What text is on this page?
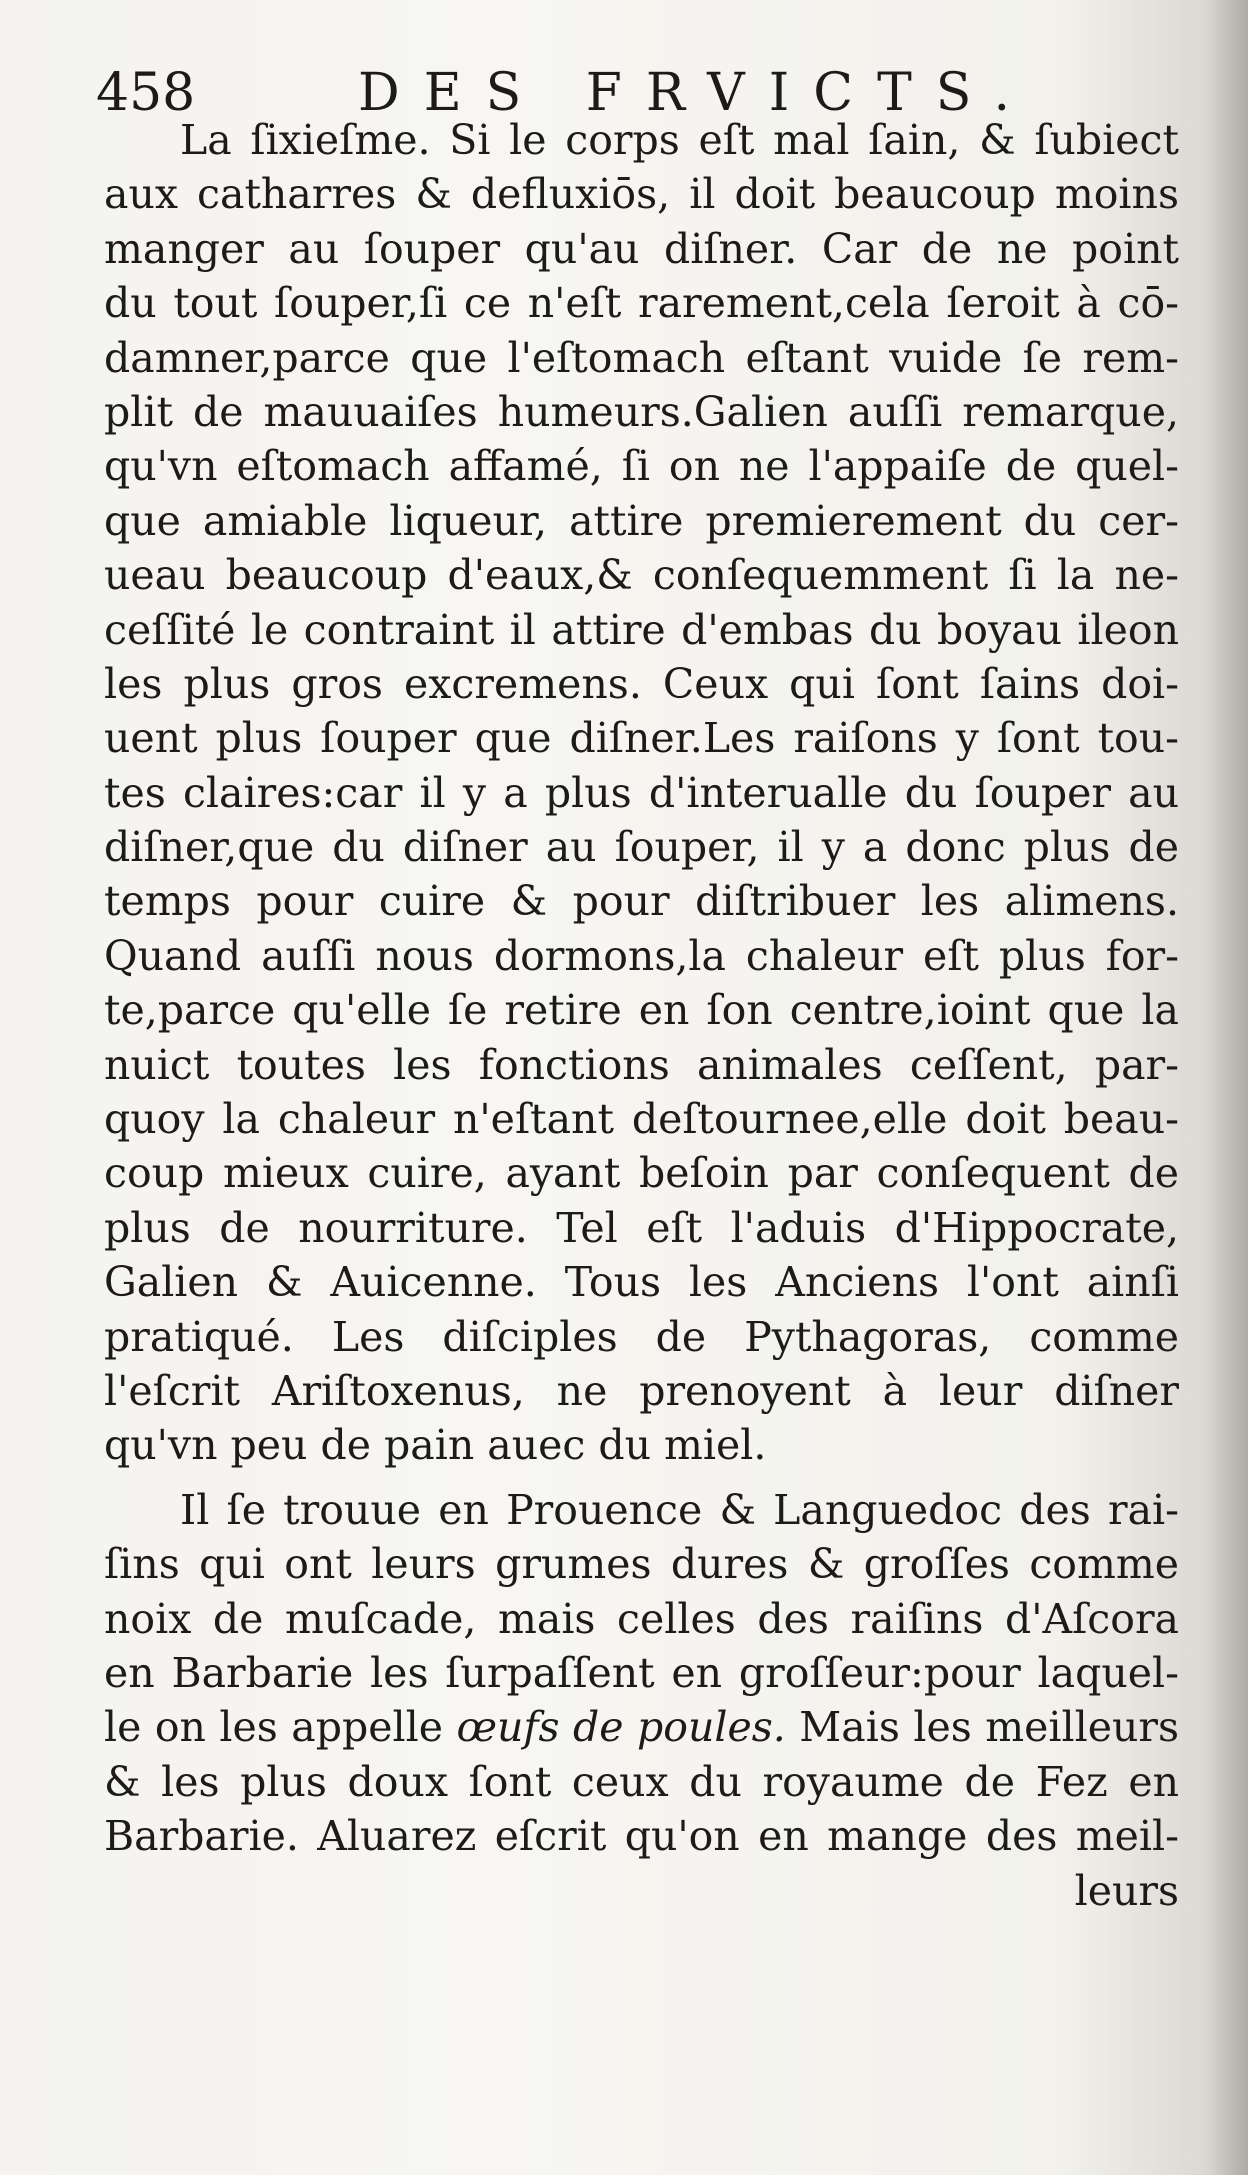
458	DES FRVICTS.
La ſixieſme. Si le corps eſt mal ſain, & ſubiect
aux catharres & defluxiōs, il doit beaucoup moins
manger au ſouper qu'au diſner. Car de ne point
du tout ſouper,ſi ce n'eſt rarement,cela ſeroit à cō-
damner,parce que l'eſtomach eſtant vuide ſe rem-
plit de mauuaiſes humeurs.Galien auſſi remarque,
qu'vn eſtomach affamé, ſi on ne l'appaiſe de quel-
que amiable liqueur, attire premierement du cer-
ueau beaucoup d'eaux,& conſequemment ſi la ne-
ceſſité le contraint il attire d'embas du boyau ileon
les plus gros excremens. Ceux qui ſont ſains doi-
uent plus ſouper que diſner.Les raiſons y ſont tou-
tes claires:car il y a plus d'interualle du ſouper au
diſner,que du diſner au ſouper, il y a donc plus de
temps pour cuire & pour diſtribuer les alimens.
Quand auſſi nous dormons,la chaleur eſt plus for-
te,parce qu'elle ſe retire en ſon centre,ioint que la
nuict toutes les fonctions animales ceſſent, par-
quoy la chaleur n'eſtant deſtournee,elle doit beau-
coup mieux cuire, ayant beſoin par conſequent de
plus de nourriture. Tel eſt l'aduis d'Hippocrate,
Galien & Auicenne. Tous les Anciens l'ont ainſi
pratiqué. Les diſciples de Pythagoras, comme
l'eſcrit Ariſtoxenus, ne prenoyent à leur diſner
qu'vn peu de pain auec du miel.
Il ſe trouue en Prouence & Languedoc des rai-
ſins qui ont leurs grumes dures & groſſes comme
noix de muſcade, mais celles des raiſins d'Aſcora
en Barbarie les ſurpaſſent en groſſeur:pour laquel-
le on les appelle œufs de poules. Mais les meilleurs
& les plus doux ſont ceux du royaume de Fez en
Barbarie. Aluarez eſcrit qu'on en mange des meil-
leurs
